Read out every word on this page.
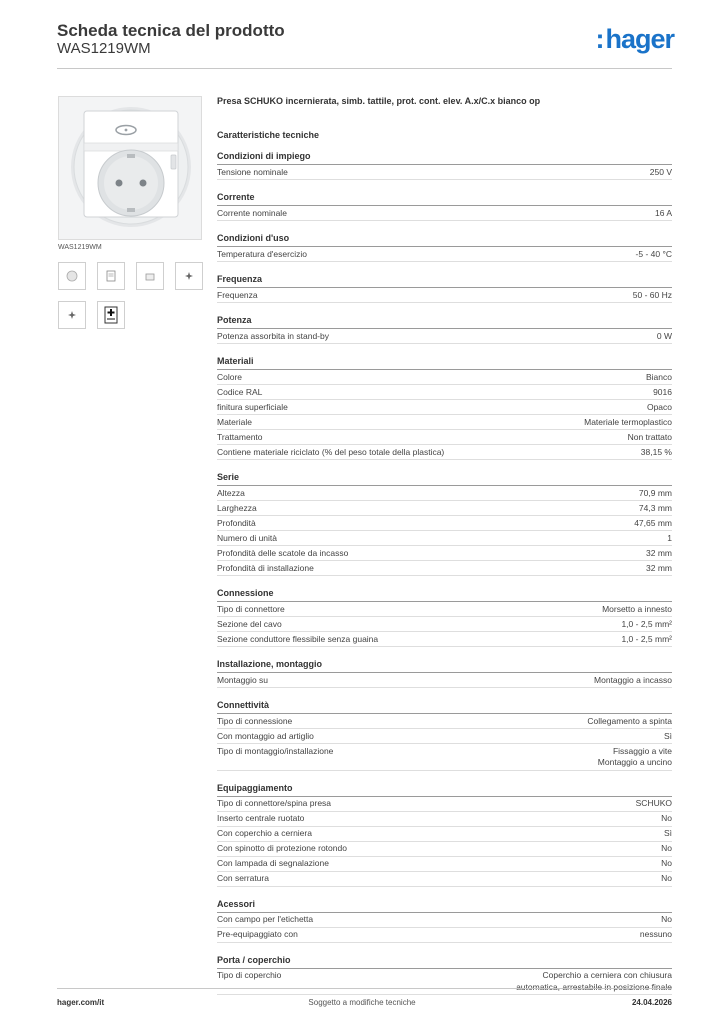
Scheda tecnica del prodotto
WAS1219WM	:hager
WAS1219WM
Presa SCHUKO incernierata, simb. tattile, prot. cont. elev. A.x/C.x bianco op
Caratteristiche tecniche
Condizioni di impiego
Tensione nominale	250 V
Corrente
Corrente nominale	16 A
Condizioni d'uso
Temperatura d'esercizio	-5 - 40 °C
Frequenza
Frequenza	50 - 60 Hz
Potenza
Potenza assorbita in stand-by	0 W
Materiali
Colore	Bianco
Codice RAL	9016
finitura superficiale	Opaco
Materiale	Materiale termoplastico
Trattamento	Non trattato
Contiene materiale riciclato (% del peso totale della plastica)	38,15 %
Serie
Altezza	70,9 mm
Larghezza	74,3 mm
Profondità	47,65 mm
Numero di unità	1
Profondità delle scatole da incasso	32 mm
Profondità di installazione	32 mm
Connessione
Tipo di connettore	Morsetto a innesto
Sezione del cavo	1,0 - 2,5 mm²
Sezione conduttore flessibile senza guaina	1,0 - 2,5 mm²
Installazione, montaggio
Montaggio su	Montaggio a incasso
Connettività
Tipo di connessione	Collegamento a spinta
Con montaggio ad artiglio	Sì
Tipo di montaggio/installazione	Fissaggio a vite
Montaggio a uncino
Equipaggiamento
Tipo di connettore/spina presa	SCHUKO
Inserto centrale ruotato	No
Con coperchio a cerniera	Sì
Con spinotto di protezione rotondo	No
Con lampada di segnalazione	No
Con serratura	No
Acessori
Con campo per l'etichetta	No
Pre-equipaggiato con	nessuno
Porta / coperchio
Tipo di coperchio	Coperchio a cerniera con chiusura
automatica, arrestabile in posizione finale
hager.com/it	Soggetto a modifiche tecniche	24.04.2026
